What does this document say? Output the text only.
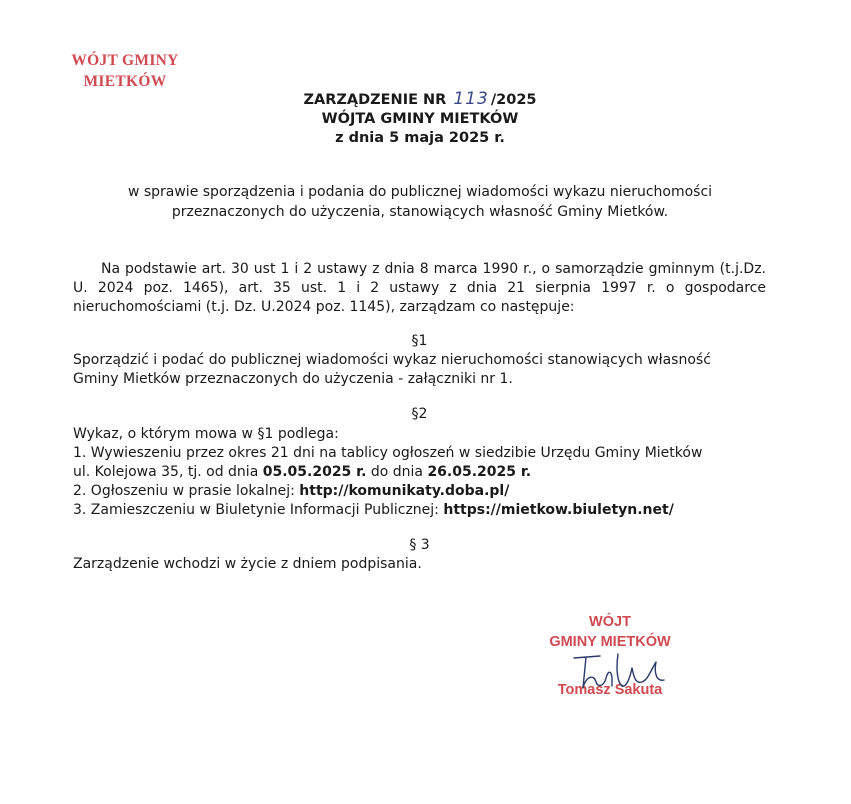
WÓJT GMINY
MIETKÓW
ZARZĄDZENIE NR 113 /2025
WÓJTA GMINY MIETKÓW
z dnia 5 maja 2025 r.
w sprawie sporządzenia i podania do publicznej wiadomości wykazu nieruchomości
przeznaczonych do użyczenia, stanowiących własność Gminy Mietków.
Na podstawie art. 30 ust 1 i 2 ustawy z dnia 8 marca 1990 r., o samorządzie gminnym (t.j.Dz. U. 2024 poz. 1465), art. 35 ust. 1 i 2 ustawy z dnia 21 sierpnia 1997 r. o gospodarce nieruchomościami (t.j. Dz. U.2024 poz. 1145), zarządzam co następuje:
§1
Sporządzić i podać do publicznej wiadomości wykaz nieruchomości stanowiących własność
Gminy Mietków przeznaczonych do użyczenia - załączniki nr 1.
§2
Wykaz, o którym mowa w §1 podlega:
1. Wywieszeniu przez okres 21 dni na tablicy ogłoszeń w siedzibie Urzędu Gminy Mietków
ul. Kolejowa 35, tj. od dnia 05.05.2025 r. do dnia 26.05.2025 r.
2. Ogłoszeniu w prasie lokalnej: http://komunikaty.doba.pl/
3. Zamieszczeniu w Biuletynie Informacji Publicznej: https://mietkow.biuletyn.net/
§ 3
Zarządzenie wchodzi w życie z dniem podpisania.
WÓJT
GMINY MIETKÓW
Tomasz Sakuta
